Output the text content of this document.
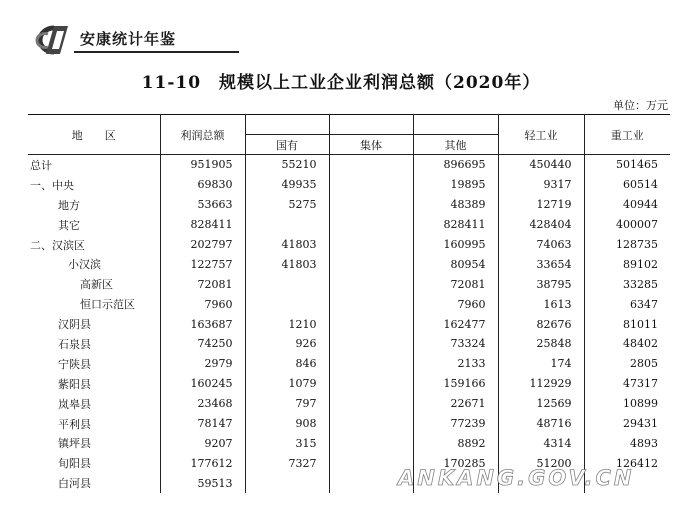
安康统计年鉴
11-10　规模以上工业企业利润总额（2020年）
单位：万元
地　　区	利润总额				轻工业	重工业
		国有	集体	其他		
总计	951905	55210		896695	450440	501465
一、中央	69830	49935		19895	9317	60514
地方	53663	5275		48389	12719	40944
其它	828411			828411	428404	400007
二、汉滨区	202797	41803		160995	74063	128735
小汉滨	122757	41803		80954	33654	89102
高新区	72081			72081	38795	33285
恒口示范区	7960			7960	1613	6347
汉阴县	163687	1210		162477	82676	81011
石泉县	74250	926		73324	25848	48402
宁陕县	2979	846		2133	174	2805
紫阳县	160245	1079		159166	112929	47317
岚皋县	23468	797		22671	12569	10899
平利县	78147	908		77239	48716	29431
镇坪县	9207	315		8892	4314	4893
旬阳县	177612	7327		170285	51200	126412
白河县	59513						ANKANG.GOV.CN
